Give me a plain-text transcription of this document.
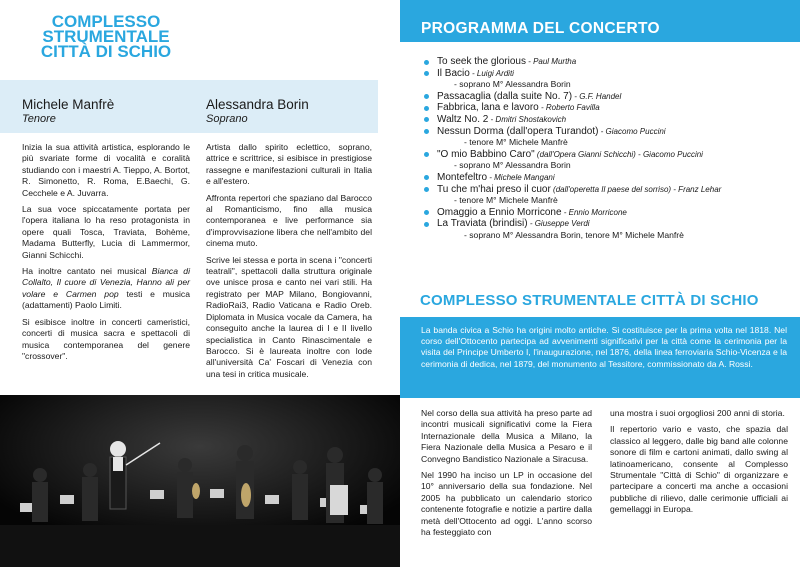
COMPLESSO
STRUMENTALE
CITTÀ DI SCHIO
Michele Manfrè
Tenore
Alessandra Borin
Soprano

Inizia la sua attività artistica, esplorando le più svariate forme di vocalità e coralità studiando con i maestri A. Tieppo, A. Bortot, R. Simonetto, R. Roma, E.Baechi, G. Cecchele e A. Juvarra.

La sua voce spiccatamente portata per l'opera italiana lo ha reso protagonista in opere quali Tosca, Traviata, Bohème, Madama Butterfly, Lucia di Lammermor, Gianni Schicchi.

Ha inoltre cantato nei musical Bianca di Collalto, Il cuore di Venezia, Hanno ali per volare e Carmen pop testi e musica (adattamenti) Paolo Limiti.

Si esibisce inoltre in concerti cameristici, concerti di musica sacra e spettacoli di musica contemporanea del genere "crossover".

Artista dallo spirito eclettico, soprano, attrice e scrittrice, si esibisce in prestigiose rassegne e manifestazioni culturali in Italia e all'estero.

Affronta repertori che spaziano dal Barocco al Romanticismo, fino alla musica contemporanea e live performance sia d'improvvisazione libera che nell'ambito del cinema muto.

Scrive lei stessa e porta in scena i "concerti teatrali", spettacoli dalla struttura originale ove unisce prosa e canto nei vari stili. Ha registrato per MAP Milano, Bongiovanni, RadioRai3, Radio Vaticana e Radio Oreb. Diplomata in Musica vocale da Camera, ha conseguito anche la laurea di I e II livello specialistica in Canto Rinascimentale e Barocco. Si è laureata inoltre con lode all'università Ca' Foscari di Venezia con una tesi in critica musicale.

PROGRAMMA DEL CONCERTO
To seek the glorious - Paul Murtha
Il Bacio - Luigi Arditi
- soprano M° Alessandra Borin
Passacaglia (dalla suite No. 7) - G.F. Handel
Fabbrica, lana e lavoro - Roberto Favilla
Waltz No. 2 - Dmitri Shostakovich
Nessun Dorma (dall'opera Turandot) - Giacomo Puccini
- tenore M° Michele Manfrè
"O mio Babbino Caro" (dall'Opera Gianni Schicchi) - Giacomo Puccini
- soprano M° Alessandra Borin
Montefeltro - Michele Mangani
Tu che m'hai preso il cuor (dall'operetta Il paese del sorriso) - Franz Lehar
- tenore M° Michele Manfrè
Omaggio a Ennio Morricone - Ennio Morricone
La Traviata (brindisi) - Giuseppe Verdi
- soprano M° Alessandra Borin, tenore M° Michele Manfrè
COMPLESSO STRUMENTALE CITTÀ DI SCHIO
La banda civica a Schio ha origini molto antiche. Si costituisce per la prima volta nel 1818. Nel corso dell'Ottocento partecipa ad avvenimenti significativi per la città come la cerimonia per la visita del Principe Umberto I, l'inaugurazione, nel 1876, della linea ferroviaria Schio-Vicenza e la cerimonia di dedica, nel 1879, del monumento al Tessitore, commissionato da A. Rossi.

Nel corso della sua attività ha preso parte ad incontri musicali significativi come la Fiera Internazionale della Musica a Milano, la Fiera Nazionale della Musica a Pesaro e il Convegno Bandistico Nazionale a Siracusa.

Nel 1990 ha inciso un LP in occasione del 10° anniversario della sua fondazione. Nel 2005 ha pubblicato un calendario storico contenente fotografie e notizie a partire dalla metà dell'Ottocento ad oggi. L'anno scorso ha festeggiato con

una mostra i suoi orgogliosi 200 anni di storia.

Il repertorio vario e vasto, che spazia dal classico al leggero, dalle big band alle colonne sonore di film e cartoni animati, dallo swing al latinoamericano, consente al Complesso Strumentale "Città di Schio" di organizzare e partecipare a concerti ma anche a occasioni pubbliche di rilievo, dalle cerimonie ufficiali ai gemellaggi in Europa.
